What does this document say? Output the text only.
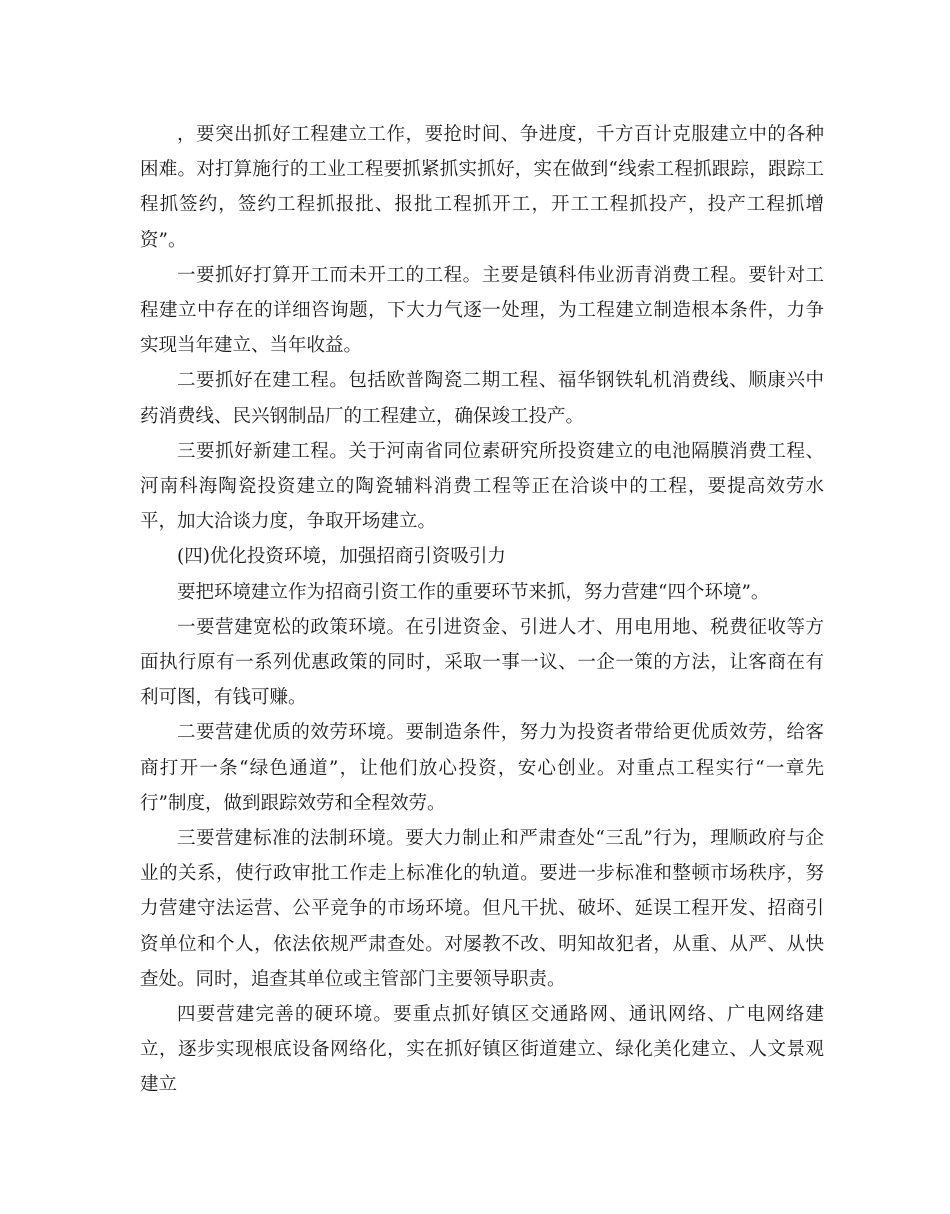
，要突出抓好工程建立工作，要抢时间、争进度，千方百计克服建立中的各种困难。对打算施行的工业工程要抓紧抓实抓好，实在做到“线索工程抓跟踪，跟踪工程抓签约，签约工程抓报批、报批工程抓开工，开工工程抓投产，投产工程抓增资”。

一要抓好打算开工而未开工的工程。主要是镇科伟业沥青消费工程。要针对工程建立中存在的详细咨询题，下大力气逐一处理，为工程建立制造根本条件，力争实现当年建立、当年收益。

二要抓好在建工程。包括欧普陶瓷二期工程、福华钢铁轧机消费线、顺康兴中药消费线、民兴钢制品厂的工程建立，确保竣工投产。

三要抓好新建工程。关于河南省同位素研究所投资建立的电池隔膜消费工程、河南科海陶瓷投资建立的陶瓷辅料消费工程等正在洽谈中的工程，要提高效劳水平，加大洽谈力度，争取开场建立。

(四)优化投资环境，加强招商引资吸引力

要把环境建立作为招商引资工作的重要环节来抓，努力营建“四个环境”。

一要营建宽松的政策环境。在引进资金、引进人才、用电用地、税费征收等方面执行原有一系列优惠政策的同时，采取一事一议、一企一策的方法，让客商在有利可图，有钱可赚。

二要营建优质的效劳环境。要制造条件，努力为投资者带给更优质效劳，给客商打开一条“绿色通道”，让他们放心投资，安心创业。对重点工程实行“一章先行”制度，做到跟踪效劳和全程效劳。

三要营建标准的法制环境。要大力制止和严肃查处“三乱”行为，理顺政府与企业的关系，使行政审批工作走上标准化的轨道。要进一步标准和整顿市场秩序，努力营建守法运营、公平竞争的市场环境。但凡干扰、破坏、延误工程开发、招商引资单位和个人，依法依规严肃查处。对屡教不改、明知故犯者，从重、从严、从快查处。同时，追查其单位或主管部门主要领导职责。

四要营建完善的硬环境。要重点抓好镇区交通路网、通讯网络、广电网络建立，逐步实现根底设备网络化，实在抓好镇区街道建立、绿化美化建立、人文景观建立
